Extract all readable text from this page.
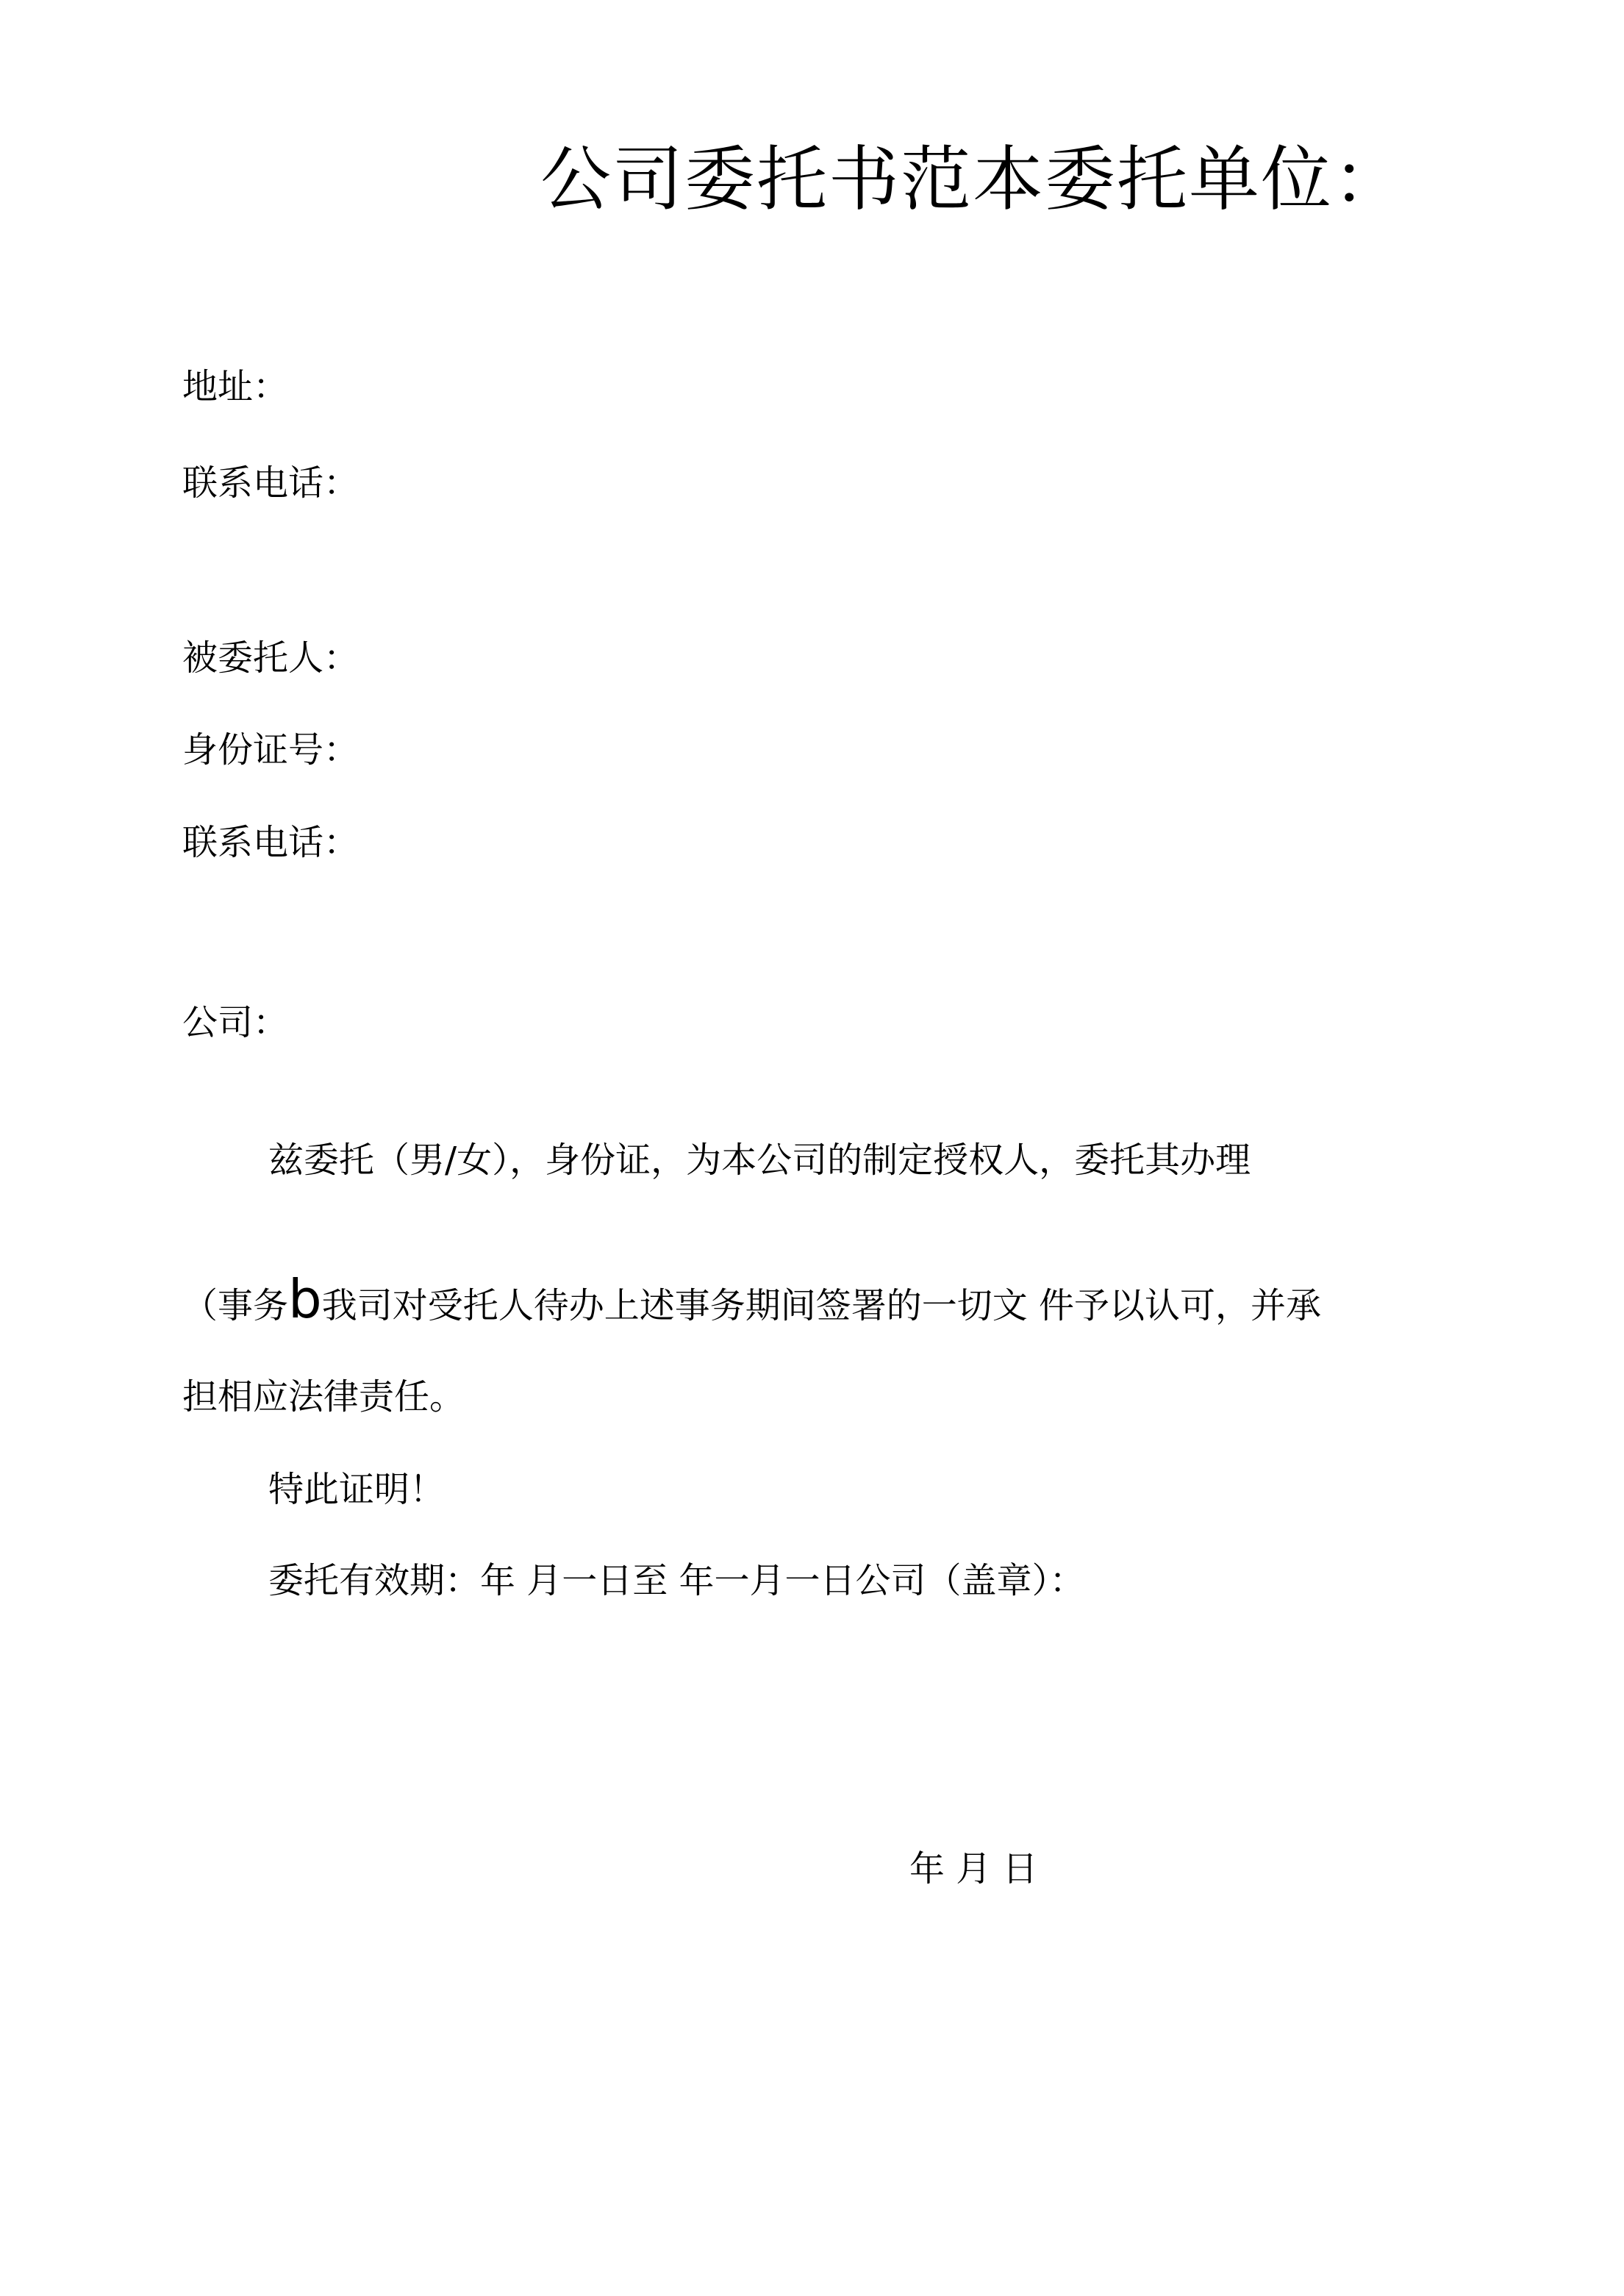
公司委托书范本委托单位：
地址：
联系电话：
被委托人：
身份证号：
联系电话：
公司：
兹委托（男/女），身份证，为本公司的制定授权人，委托其办理
（事务b我司对受托人待办上述事务期间签署的一切文 件予以认可，并承
担相应法律责任。
特此证明！
委托有效期：年 月一日至 年一月一日公司（盖章）：
年 月 日
